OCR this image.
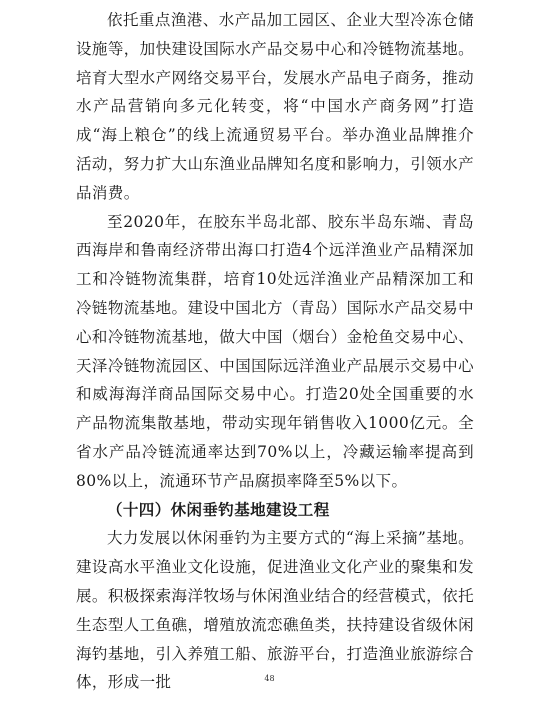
依托重点渔港、水产品加工园区、企业大型冷冻仓储设施等，加快建设国际水产品交易中心和冷链物流基地。培育大型水产网络交易平台，发展水产品电子商务，推动水产品营销向多元化转变，将“中国水产商务网”打造成“海上粮仓”的线上流通贸易平台。举办渔业品牌推介活动，努力扩大山东渔业品牌知名度和影响力，引领水产品消费。

至2020年，在胶东半岛北部、胶东半岛东端、青岛西海岸和鲁南经济带出海口打造4个远洋渔业产品精深加工和冷链物流集群，培育10处远洋渔业产品精深加工和冷链物流基地。建设中国北方（青岛）国际水产品交易中心和冷链物流基地，做大中国（烟台）金枪鱼交易中心、天泽冷链物流园区、中国国际远洋渔业产品展示交易中心和威海海洋商品国际交易中心。打造20处全国重要的水产品物流集散基地，带动实现年销售收入1000亿元。全省水产品冷链流通率达到70%以上，冷藏运输率提高到80%以上，流通环节产品腐损率降至5%以下。

（十四）休闲垂钓基地建设工程

大力发展以休闲垂钓为主要方式的“海上采摘”基地。建设高水平渔业文化设施，促进渔业文化产业的聚集和发展。积极探索海洋牧场与休闲渔业结合的经营模式，依托生态型人工鱼礁，增殖放流恋礁鱼类，扶持建设省级休闲海钓基地，引入养殖工船、旅游平台，打造渔业旅游综合体，形成一批	48
